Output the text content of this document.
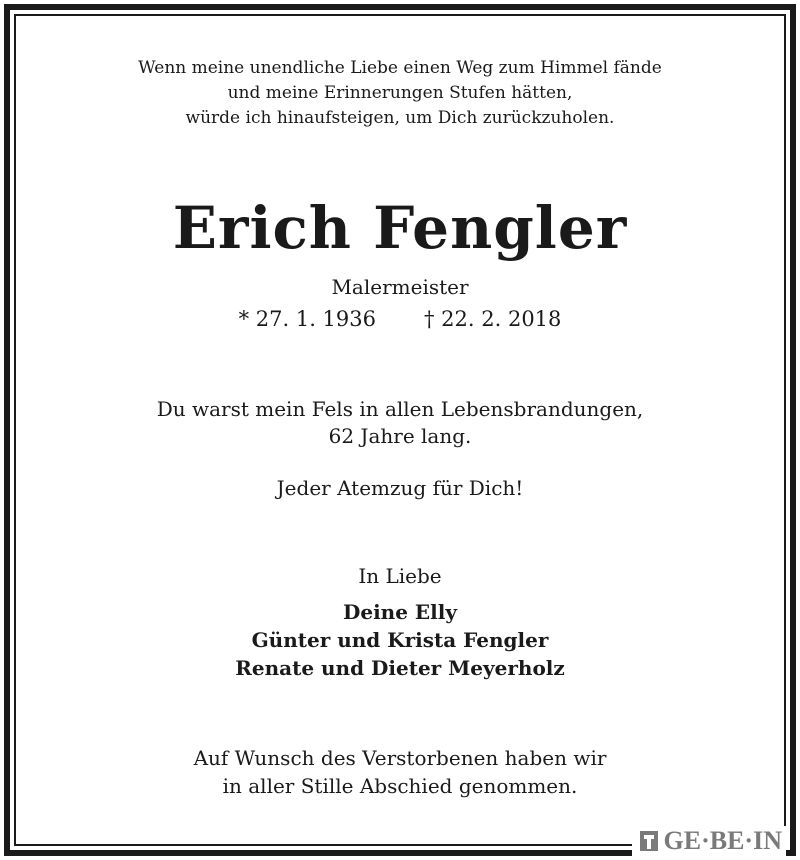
Wenn meine unendliche Liebe einen Weg zum Himmel fände
und meine Erinnerungen Stufen hätten,
würde ich hinaufsteigen, um Dich zurückzuholen.
Erich Fengler
Malermeister
* 27. 1. 1936 † 22. 2. 2018
Du warst mein Fels in allen Lebensbrandungen,
62 Jahre lang.
Jeder Atemzug für Dich!
In Liebe
Deine Elly
Günter und Krista Fengler
Renate und Dieter Meyerholz
Auf Wunsch des Verstorbenen haben wir
in aller Stille Abschied genommen.
GE·BE·IN
